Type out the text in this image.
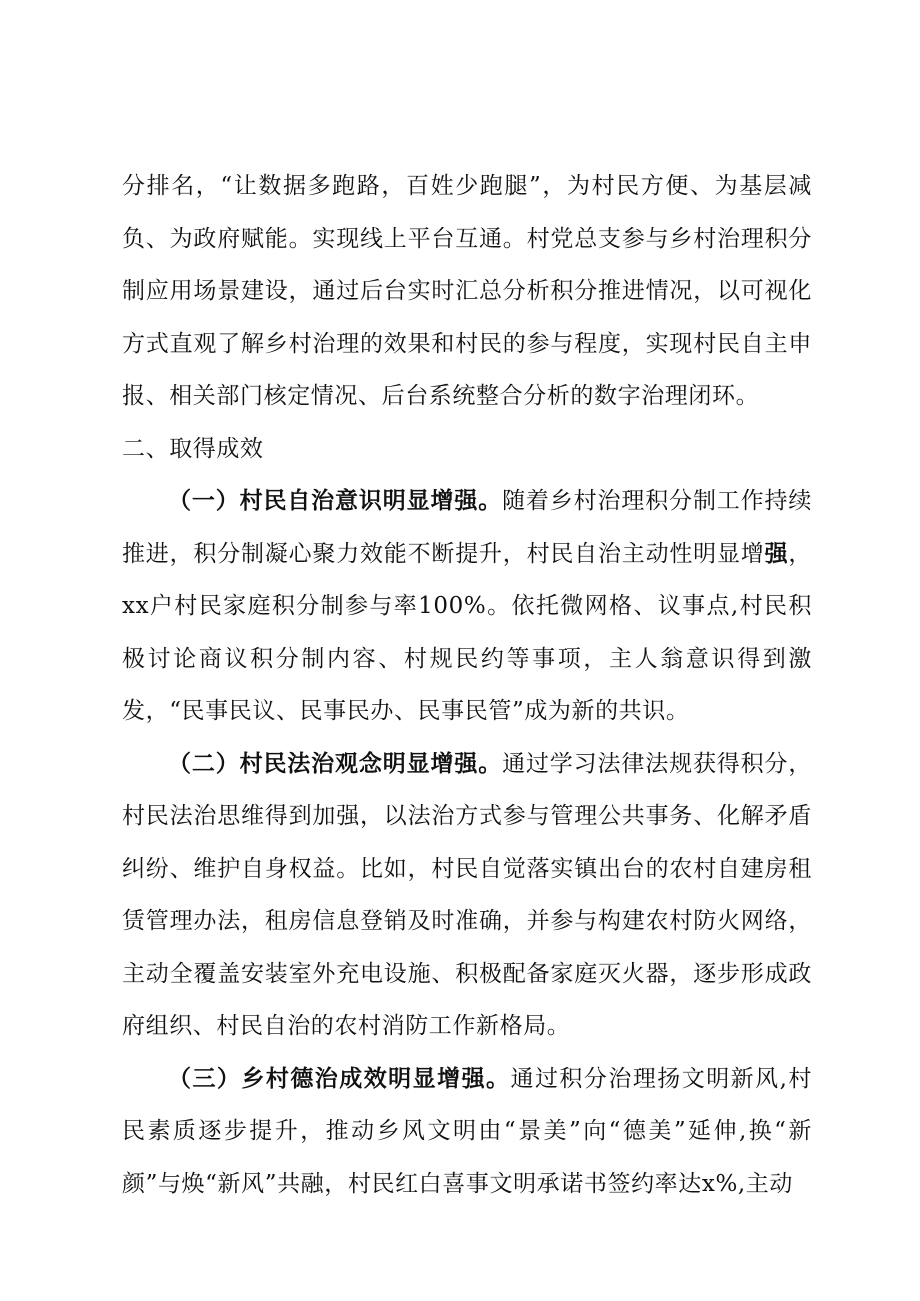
分排名，“让数据多跑路，百姓少跑腿”，为村民方便、为基层减负、为政府赋能。实现线上平台互通。村党总支参与乡村治理积分制应用场景建设，通过后台实时汇总分析积分推进情况，以可视化方式直观了解乡村治理的效果和村民的参与程度，实现村民自主申报、相关部门核定情况、后台系统整合分析的数字治理闭环。

二、取得成效

（一）村民自治意识明显增强。随着乡村治理积分制工作持续推进，积分制凝心聚力效能不断提升，村民自治主动性明显增强，xx户村民家庭积分制参与率100%。依托微网格、议事点,村民积极讨论商议积分制内容、村规民约等事项，主人翁意识得到激发，“民事民议、民事民办、民事民管”成为新的共识。

（二）村民法治观念明显增强。通过学习法律法规获得积分，村民法治思维得到加强，以法治方式参与管理公共事务、化解矛盾纠纷、维护自身权益。比如，村民自觉落实镇出台的农村自建房租赁管理办法，租房信息登销及时准确，并参与构建农村防火网络，主动全覆盖安装室外充电设施、积极配备家庭灭火器，逐步形成政府组织、村民自治的农村消防工作新格局。

（三）乡村德治成效明显增强。通过积分治理扬文明新风,村民素质逐步提升，推动乡风文明由“景美”向“德美”延伸,换“新颜”与焕“新风”共融，村民红白喜事文明承诺书签约率达x%,主动
